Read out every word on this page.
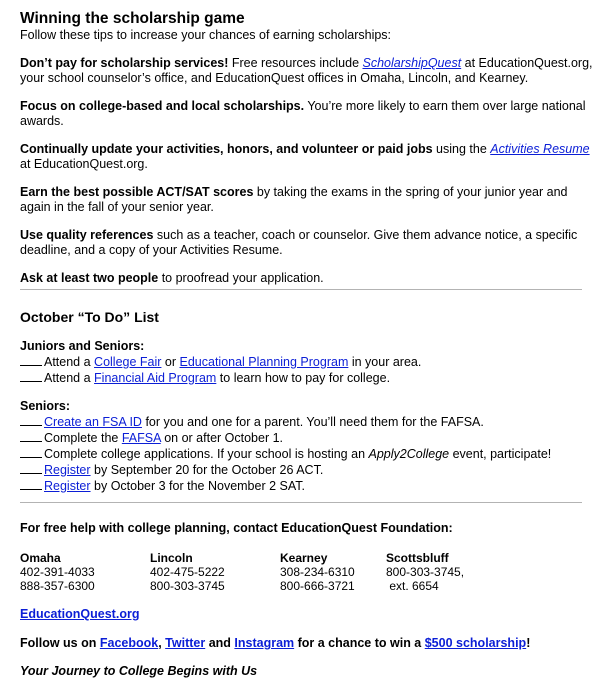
Winning the scholarship game

Follow these tips to increase your chances of earning scholarships:

Don’t pay for scholarship services! Free resources include ScholarshipQuest at EducationQuest.org, your school counselor’s office, and EducationQuest offices in Omaha, Lincoln, and Kearney.

Focus on college-based and local scholarships. You’re more likely to earn them over large national awards.

Continually update your activities, honors, and volunteer or paid jobs using the Activities Resume at EducationQuest.org.

Earn the best possible ACT/SAT scores by taking the exams in the spring of your junior year and again in the fall of your senior year.

Use quality references such as a teacher, coach or counselor. Give them advance notice, a specific deadline, and a copy of your Activities Resume.

Ask at least two people to proofread your application.

October “To Do” List
Juniors and Seniors:
Attend a College Fair or Educational Planning Program in your area.
Attend a Financial Aid Program to learn how to pay for college.
Seniors:
Create an FSA ID for you and one for a parent. You’ll need them for the FAFSA.
Complete the FAFSA on or after October 1.
Complete college applications. If your school is hosting an Apply2College event, participate!
Register by September 20 for the October 26 ACT.
Register by October 3 for the November 2 SAT.
For free help with college planning, contact EducationQuest Foundation:
Omaha
402-391-4033
888-357-6300
Lincoln
402-475-5222
800-303-3745
Kearney
308-234-6310
800-666-3721
Scottsbluff
800-303-3745,
ext. 6654
EducationQuest.org
Follow us on Facebook, Twitter and Instagram for a chance to win a $500 scholarship!
Your Journey to College Begins with Us
